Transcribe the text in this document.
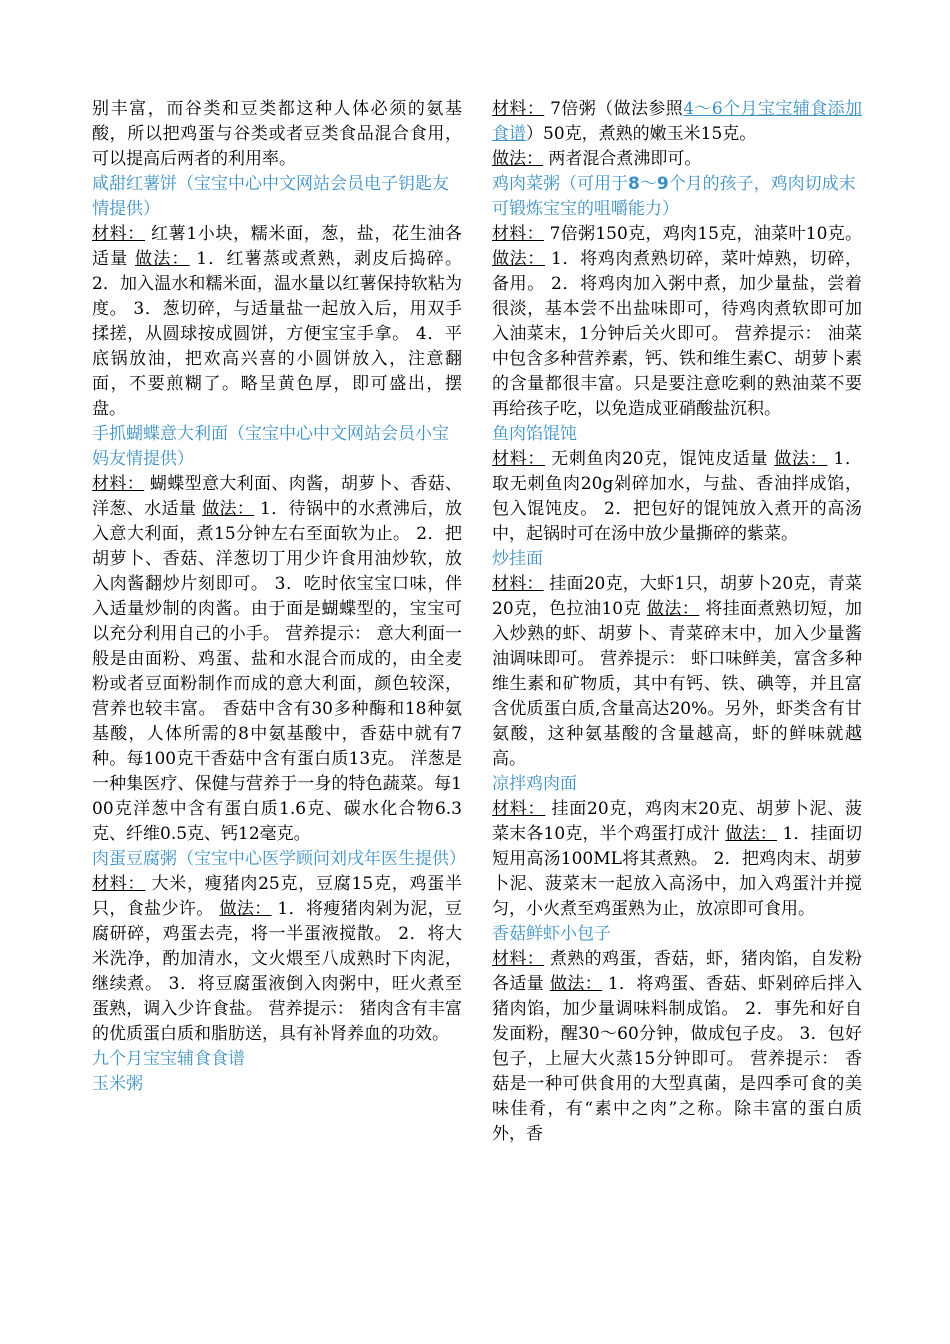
别丰富，而谷类和豆类都这种人体必须的氨基酸，所以把鸡蛋与谷类或者豆类食品混合食用，可以提高后两者的利用率。

咸甜红薯饼（宝宝中心中文网站会员电子钥匙友情提供）

材料： 红薯1小块，糯米面，葱，盐，花生油各适量 做法： 1．红薯蒸或煮熟，剥皮后捣碎。 2．加入温水和糯米面，温水量以红薯保持软粘为度。 3．葱切碎，与适量盐一起放入后，用双手揉搓，从圆球按成圆饼，方便宝宝手拿。 4．平底锅放油，把欢高兴喜的小圆饼放入，注意翻面，不要煎糊了。略呈黄色厚，即可盛出，摆盘。

手抓蝴蝶意大利面（宝宝中心中文网站会员小宝妈友情提供）

材料： 蝴蝶型意大利面、肉酱，胡萝卜、香菇、洋葱、水适量 做法： 1．待锅中的水煮沸后，放入意大利面，煮15分钟左右至面软为止。 2．把胡萝卜、香菇、洋葱切丁用少许食用油炒软，放入肉酱翻炒片刻即可。 3．吃时依宝宝口味，伴入适量炒制的肉酱。由于面是蝴蝶型的，宝宝可以充分利用自己的小手。 营养提示： 意大利面一般是由面粉、鸡蛋、盐和水混合而成的，由全麦粉或者豆面粉制作而成的意大利面，颜色较深，营养也较丰富。 香菇中含有30多种酶和18种氨基酸，人体所需的8中氨基酸中，香菇中就有7种。每100克干香菇中含有蛋白质13克。 洋葱是一种集医疗、保健与营养于一身的特色蔬菜。每100克洋葱中含有蛋白质1.6克、碳水化合物6.3克、纤维0.5克、钙12毫克。

肉蛋豆腐粥（宝宝中心医学顾问刘戌年医生提供）

材料： 大米，瘦猪肉25克，豆腐15克，鸡蛋半只，食盐少许。 做法： 1．将瘦猪肉剁为泥，豆腐研碎，鸡蛋去壳，将一半蛋液搅散。 2．将大米洗净，酌加清水，文火煨至八成熟时下肉泥，继续煮。 3．将豆腐蛋液倒入肉粥中，旺火煮至蛋熟，调入少许食盐。 营养提示： 猪肉含有丰富的优质蛋白质和脂肪送，具有补肾养血的功效。

九个月宝宝辅食食谱

玉米粥

材料： 7倍粥（做法参照4～6个月宝宝辅食添加食谱）50克，煮熟的嫩玉米15克。
做法： 两者混合煮沸即可。

鸡肉菜粥（可用于8～9个月的孩子，鸡肉切成末可锻炼宝宝的咀嚼能力）

材料： 7倍粥150克，鸡肉15克，油菜叶10克。 做法： 1．将鸡肉煮熟切碎，菜叶焯熟，切碎，备用。 2．将鸡肉加入粥中煮，加少量盐，尝着很淡，基本尝不出盐味即可，待鸡肉煮软即可加入油菜末，1分钟后关火即可。 营养提示： 油菜中包含多种营养素，钙、铁和维生素C、胡萝卜素的含量都很丰富。只是要注意吃剩的熟油菜不要再给孩子吃，以免造成亚硝酸盐沉积。

鱼肉馅馄饨

材料： 无刺鱼肉20克，馄饨皮适量 做法： 1．取无刺鱼肉20g剁碎加水，与盐、香油拌成馅，包入馄饨皮。 2．把包好的馄饨放入煮开的高汤中，起锅时可在汤中放少量撕碎的紫菜。

炒挂面

材料： 挂面20克，大虾1只，胡萝卜20克，青菜20克，色拉油10克 做法： 将挂面煮熟切短，加入炒熟的虾、胡萝卜、青菜碎末中，加入少量酱油调味即可。 营养提示： 虾口味鲜美，富含多种维生素和矿物质，其中有钙、铁、碘等，并且富含优质蛋白质,含量高达20%。另外，虾类含有甘氨酸，这种氨基酸的含量越高，虾的鲜味就越高。

凉拌鸡肉面

材料： 挂面20克，鸡肉末20克、胡萝卜泥、菠菜末各10克，半个鸡蛋打成汁 做法： 1．挂面切短用高汤100ML将其煮熟。 2．把鸡肉末、胡萝卜泥、菠菜末一起放入高汤中，加入鸡蛋汁并搅匀，小火煮至鸡蛋熟为止，放凉即可食用。

香菇鲜虾小包子

材料： 煮熟的鸡蛋，香菇，虾，猪肉馅，自发粉各适量 做法： 1．将鸡蛋、香菇、虾剁碎后拌入猪肉馅，加少量调味料制成馅。 2．事先和好自发面粉，醒30～60分钟，做成包子皮。 3．包好包子，上屉大火蒸15分钟即可。 营养提示： 香菇是一种可供食用的大型真菌，是四季可食的美味佳肴，有“素中之肉”之称。除丰富的蛋白质外，香
